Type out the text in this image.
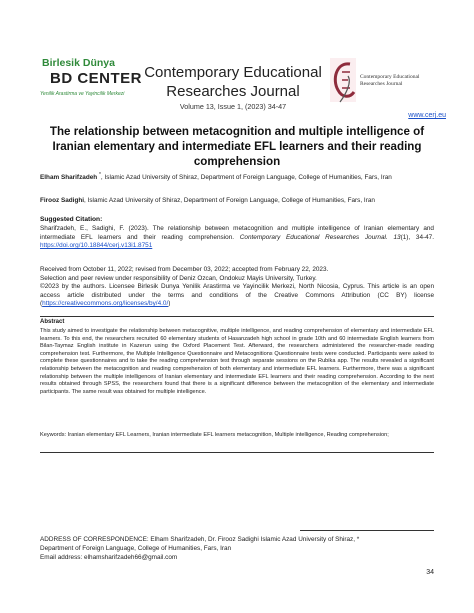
Birlesik Dünya
BD CENTER
Yenilik Arastirma ve Yayincilik Merkezi
Contemporary Educational Researches Journal
Volume 13, Issue 1, (2023) 34-47
Contemporary Educational Researches Journal
www.cerj.eu
The relationship between metacognition and multiple intelligence of Iranian elementary and intermediate EFL learners and their reading comprehension
Elham Sharifzadeh *, Islamic Azad University of Shiraz, Department of Foreign Language, College of Humanities, Fars, Iran
Firooz Sadighi, Islamic Azad University of Shiraz, Department of Foreign Language, College of Humanities, Fars, Iran
Suggested Citation:
Sharifzadeh, E., Sadighi, F. (2023). The relationship between metacognition and multiple intelligence of Iranian elementary and intermediate EFL learners and their reading comprehension. Contemporary Educational Researches Journal. 13(1), 34-47. https://doi.org/10.18844/cerj.v13i1.8751
Received from October 11, 2022; revised from December 03, 2022; accepted from February 22, 2023.
Selection and peer review under responsibility of Deniz Ozcan, Ondokuz Mayis University, Turkey.
©2023 by the authors. Licensee Birlesik Dunya Yenilik Arastirma ve Yayincilik Merkezi, North Nicosia, Cyprus. This article is an open access article distributed under the terms and conditions of the Creative Commons Attribution (CC BY) license (https://creativecommons.org/licenses/by/4.0/)
Abstract
This study aimed to investigate the relationship between metacognitive, multiple intelligence, and reading comprehension of elementary and intermediate EFL learners. To this end, the researchers recruited 60 elementary students of Hasanzadeh high school in grade 10th and 60 intermediate English learners from Bilan-Taymaz English institute in Kazerun using the Oxford Placement Test. Afterward, the researchers administered the researcher-made reading comprehension test. Furthermore, the Multiple Intelligence Questionnaire and Metacognitions Questionnaire tests were conducted. Participants were asked to complete these questionnaires and to take the reading comprehension test through separate sessions on the Rubika app. The results revealed a significant relationship between the metacognition and reading comprehension of both elementary and intermediate EFL learners. Furthermore, there was a significant relationship between the multiple intelligences of Iranian elementary and intermediate EFL learners and their reading comprehension. According to the next results obtained through SPSS, the researchers found that there is a significant difference between the metacognition of the elementary and intermediate participants. The same result was obtained for multiple intelligence.
Keywords: Iranian elementary EFL Learners, Iranian intermediate EFL learners metacognition, Multiple intelligence, Reading comprehension;
ADDRESS OF CORRESPONDENCE: Elham Sharifzadeh, Dr. Firooz Sadighi Islamic Azad University of Shiraz, *
Department of Foreign Language, College of Humanities, Fars, Iran
Email address: elhamsharifzadeh66@gmail.com
34
